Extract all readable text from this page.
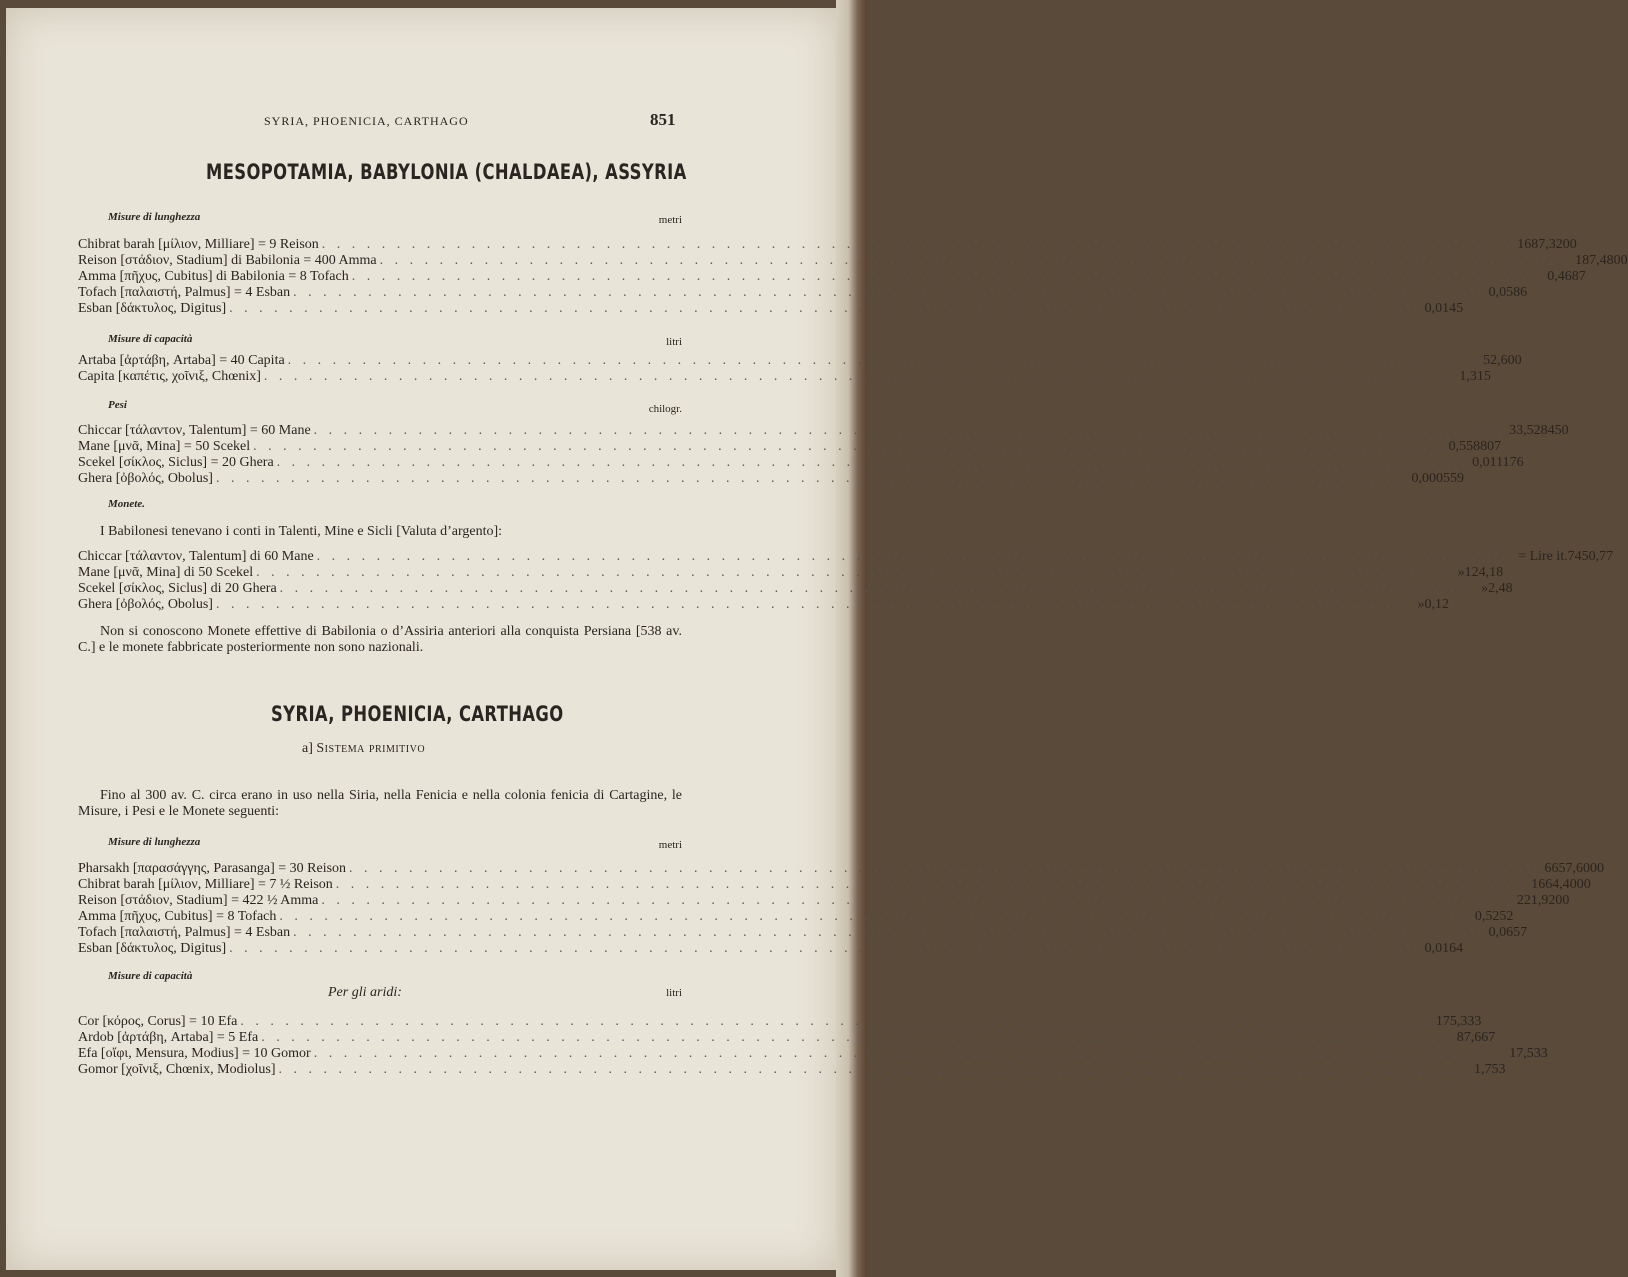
SYRIA, PHOENICIA, CARTHAGO	851
MESOPOTAMIA, BABYLONIA (CHALDAEA), ASSYRIA
Misure di lunghezza	metri
Chibrat barah [μίλιον, Milliare] = 9 Reison . . . . . . . . . . . . . . . . . . . . . . . . . . . . . . . . . . . . . . . . . . . . . . . . . . . . . . . . . . . . . . . . . . . . . . . . . . . . . . . . 1687,3200
Reison [στάδιον, Stadium] di Babilonia = 400 Amma . . . . . . . . . . . . . . . . . . . . . . . . . . . . . . . . . . . . . . . . . . . . . . . . . . . . . . . . . . . . . . . . . . . . . . . . . . . . . . . . 187,4800
Amma [πῆχυς, Cubitus] di Babilonia = 8 Tofach . . . . . . . . . . . . . . . . . . . . . . . . . . . . . . . . . . . . . . . . . . . . . . . . . . . . . . . . . . . . . . . . . . . . . . . . . . . . . . . . 0,4687
Tofach [παλαιστή, Palmus] = 4 Esban . . . . . . . . . . . . . . . . . . . . . . . . . . . . . . . . . . . . . . . . . . . . . . . . . . . . . . . . . . . . . . . . . . . . . . . . . . . . . . . . 0,0586
Esban [δάκτυλος, Digitus] . . . . . . . . . . . . . . . . . . . . . . . . . . . . . . . . . . . . . . . . . . . . . . . . . . . . . . . . . . . . . . . . . . . . . . . . . . . . . . . . 0,0145
Misure di capacità	litri
Artaba [ἀρτάβη, Artaba] = 40 Capita . . . . . . . . . . . . . . . . . . . . . . . . . . . . . . . . . . . . . . . . . . . . . . . . . . . . . . . . . . . . . . . . . . . . . . . . . . . . . . . . 52,600
Capita [καπέτις, χοῖνιξ, Chœnix] . . . . . . . . . . . . . . . . . . . . . . . . . . . . . . . . . . . . . . . . . . . . . . . . . . . . . . . . . . . . . . . . . . . . . . . . . . . . . . . . 1,315
Pesi	chilogr.
Chiccar [τάλαντον, Talentum] = 60 Mane . . . . . . . . . . . . . . . . . . . . . . . . . . . . . . . . . . . . . . . . . . . . . . . . . . . . . . . . . . . . . . . . . . . . . . . . . . . . . . . . 33,528450
Mane [μνᾶ, Mina] = 50 Scekel . . . . . . . . . . . . . . . . . . . . . . . . . . . . . . . . . . . . . . . . . . . . . . . . . . . . . . . . . . . . . . . . . . . . . . . . . . . . . . . . 0,558807
Scekel [σίκλος, Siclus] = 20 Ghera . . . . . . . . . . . . . . . . . . . . . . . . . . . . . . . . . . . . . . . . . . . . . . . . . . . . . . . . . . . . . . . . . . . . . . . . . . . . . . . . 0,011176
Ghera [ὀβολός, Obolus] . . . . . . . . . . . . . . . . . . . . . . . . . . . . . . . . . . . . . . . . . . . . . . . . . . . . . . . . . . . . . . . . . . . . . . . . . . . . . . . . 0,000559
Monete.
I Babilonesi tenevano i conti in Talenti, Mine e Sicli [Valuta d’argento]:
Chiccar [τάλαντον, Talentum] di 60 Mane . . . . . . . . . . . . . . . . . . . . . . . . . . . . . . . . . . . . . . . . . . . . . . . . . . . . . . . . . . . . . . . . . . . . . . . . . . . . . . . . = Lire it. 7450,77
Mane [μνᾶ, Mina] di 50 Scekel . . . . . . . . . . . . . . . . . . . . . . . . . . . . . . . . . . . . . . . . . . . . . . . . . . . . . . . . . . . . . . . . . . . . . . . . . . . . . . . . » 124,18
Scekel [σίκλος, Siclus] di 20 Ghera . . . . . . . . . . . . . . . . . . . . . . . . . . . . . . . . . . . . . . . . . . . . . . . . . . . . . . . . . . . . . . . . . . . . . . . . . . . . . . . . » 2,48
Ghera [ὀβολός, Obolus] . . . . . . . . . . . . . . . . . . . . . . . . . . . . . . . . . . . . . . . . . . . . . . . . . . . . . . . . . . . . . . . . . . . . . . . . . . . . . . . . » 0,12
Non si conoscono Monete effettive di Babilonia o d’Assiria anteriori alla conquista Persiana [538 av. C.] e le monete fabbricate posteriormente non sono nazionali.
SYRIA, PHOENICIA, CARTHAGO
a] Sistema primitivo
Fino al 300 av. C. circa erano in uso nella Siria, nella Fenicia e nella colonia fenicia di Cartagine, le Misure, i Pesi e le Monete seguenti:
Misure di lunghezza	metri
Pharsakh [παρασάγγης, Parasanga] = 30 Reison . . . . . . . . . . . . . . . . . . . . . . . . . . . . . . . . . . . . . . . . . . . . . . . . . . . . . . . . . . . . . . . . . . . . . . . . . . . . . . . . 6657,6000
Chibrat barah [μίλιον, Milliare] = 7 ½ Reison . . . . . . . . . . . . . . . . . . . . . . . . . . . . . . . . . . . . . . . . . . . . . . . . . . . . . . . . . . . . . . . . . . . . . . . . . . . . . . . . 1664,4000
Reison [στάδιον, Stadium] = 422 ½ Amma . . . . . . . . . . . . . . . . . . . . . . . . . . . . . . . . . . . . . . . . . . . . . . . . . . . . . . . . . . . . . . . . . . . . . . . . . . . . . . . . 221,9200
Amma [πῆχυς, Cubitus] = 8 Tofach . . . . . . . . . . . . . . . . . . . . . . . . . . . . . . . . . . . . . . . . . . . . . . . . . . . . . . . . . . . . . . . . . . . . . . . . . . . . . . . . 0,5252
Tofach [παλαιστή, Palmus] = 4 Esban . . . . . . . . . . . . . . . . . . . . . . . . . . . . . . . . . . . . . . . . . . . . . . . . . . . . . . . . . . . . . . . . . . . . . . . . . . . . . . . . 0,0657
Esban [δάκτυλος, Digitus] . . . . . . . . . . . . . . . . . . . . . . . . . . . . . . . . . . . . . . . . . . . . . . . . . . . . . . . . . . . . . . . . . . . . . . . . . . . . . . . . 0,0164
Misure di capacità
Per gli aridi:	litri
Cor [κόρος, Corus] = 10 Efa . . . . . . . . . . . . . . . . . . . . . . . . . . . . . . . . . . . . . . . . . . . . . . . . . . . . . . . . . . . . . . . . . . . . . . . . . . . . . . . . 175,333
Ardob [ἀρτάβη, Artaba] = 5 Efa . . . . . . . . . . . . . . . . . . . . . . . . . . . . . . . . . . . . . . . . . . . . . . . . . . . . . . . . . . . . . . . . . . . . . . . . . . . . . . . . 87,667
Efa [οἴφι, Mensura, Modius] = 10 Gomor . . . . . . . . . . . . . . . . . . . . . . . . . . . . . . . . . . . . . . . . . . . . . . . . . . . . . . . . . . . . . . . . . . . . . . . . . . . . . . . . 17,533
Gomor [χοῖνιξ, Chœnix, Modiolus] . . . . . . . . . . . . . . . . . . . . . . . . . . . . . . . . . . . . . . . . . . . . . . . . . . . . . . . . . . . . . . . . . . . . . . . . . . . . . . . . 1,753
